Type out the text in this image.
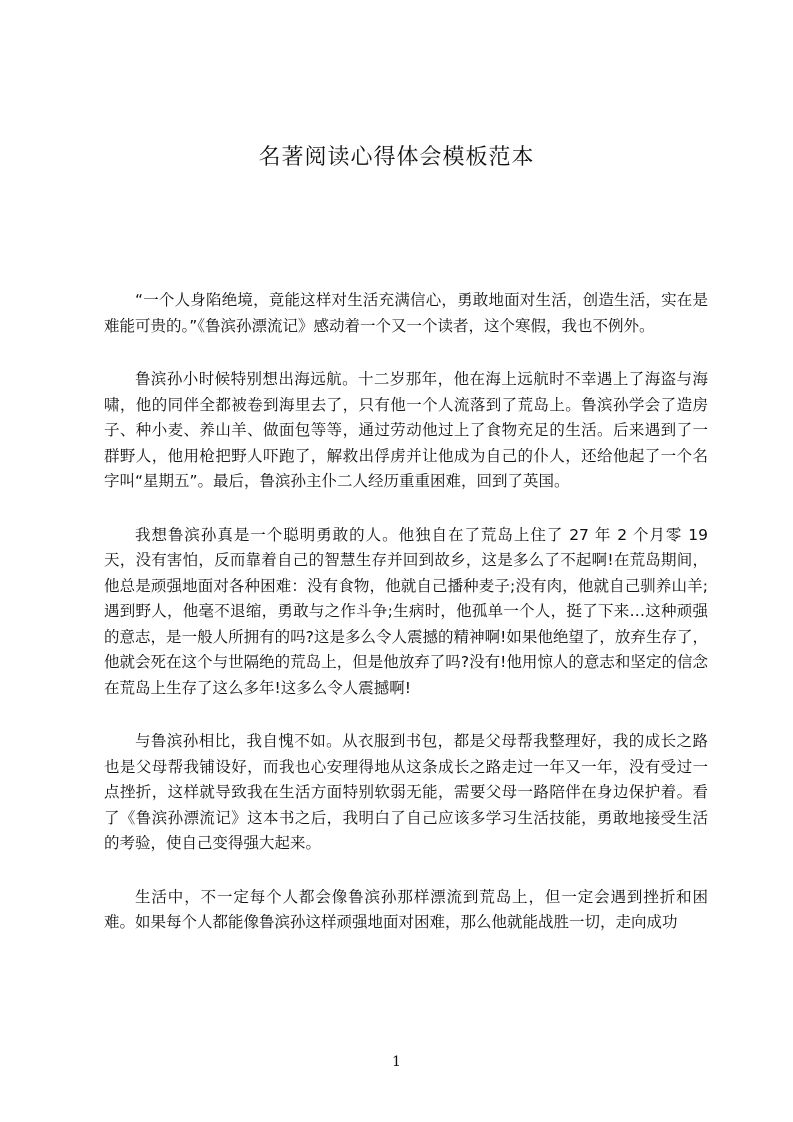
名著阅读心得体会模板范本

“一个人身陷绝境，竟能这样对生活充满信心，勇敢地面对生活，创造生活，实在是难能可贵的。”《鲁滨孙漂流记》感动着一个又一个读者，这个寒假，我也不例外。

鲁滨孙小时候特别想出海远航。十二岁那年，他在海上远航时不幸遇上了海盗与海啸，他的同伴全都被卷到海里去了，只有他一个人流落到了荒岛上。鲁滨孙学会了造房子、种小麦、养山羊、做面包等等，通过劳动他过上了食物充足的生活。后来遇到了一群野人，他用枪把野人吓跑了，解救出俘虏并让他成为自己的仆人，还给他起了一个名字叫“星期五”。最后，鲁滨孙主仆二人经历重重困难，回到了英国。

我想鲁滨孙真是一个聪明勇敢的人。他独自在了荒岛上住了 27 年 2 个月零 19 天，没有害怕，反而靠着自己的智慧生存并回到故乡，这是多么了不起啊!在荒岛期间，他总是顽强地面对各种困难：没有食物，他就自己播种麦子;没有肉，他就自己驯养山羊;遇到野人，他毫不退缩，勇敢与之作斗争;生病时，他孤单一个人，挺了下来…这种顽强的意志，是一般人所拥有的吗?这是多么令人震撼的精神啊!如果他绝望了，放弃生存了，他就会死在这个与世隔绝的荒岛上，但是他放弃了吗?没有!他用惊人的意志和坚定的信念在荒岛上生存了这么多年!这多么令人震撼啊!

与鲁滨孙相比，我自愧不如。从衣服到书包，都是父母帮我整理好，我的成长之路也是父母帮我铺设好，而我也心安理得地从这条成长之路走过一年又一年，没有受过一点挫折，这样就导致我在生活方面特别软弱无能，需要父母一路陪伴在身边保护着。看了《鲁滨孙漂流记》这本书之后，我明白了自己应该多学习生活技能，勇敢地接受生活的考验，使自己变得强大起来。

生活中，不一定每个人都会像鲁滨孙那样漂流到荒岛上，但一定会遇到挫折和困难。如果每个人都能像鲁滨孙这样顽强地面对困难，那么他就能战胜一切，走向成功

1
